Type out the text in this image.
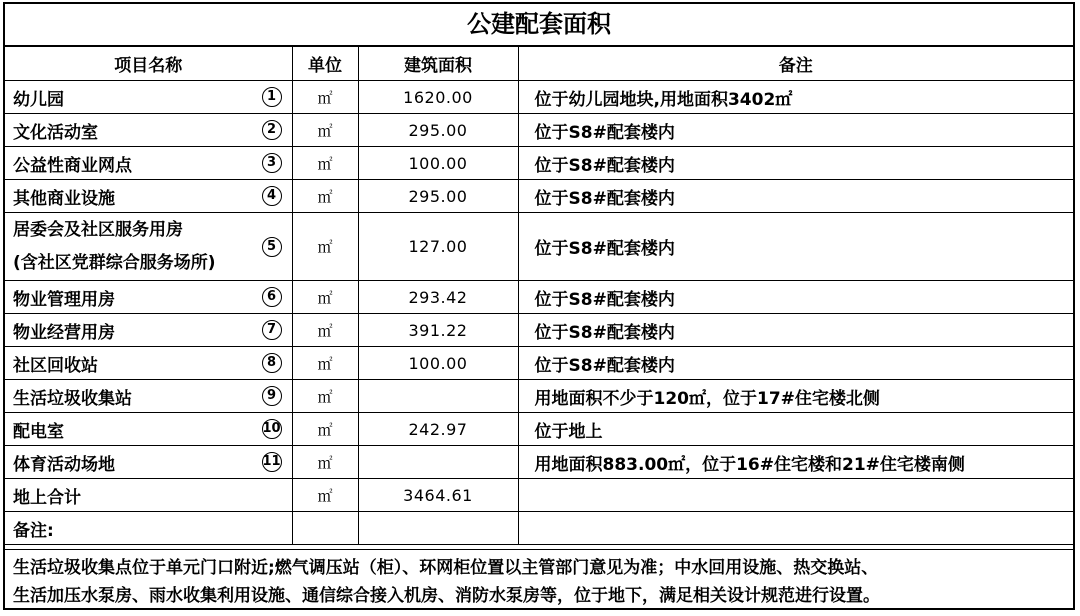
公建配套面积
项目名称	单位	建筑面积	备注
幼儿园 1	㎡	1620.00	位于幼儿园地块,用地面积3402㎡
文化活动室 2	㎡	295.00	位于S8#配套楼内
公益性商业网点 3	㎡	100.00	位于S8#配套楼内
其他商业设施 4	㎡	295.00	位于S8#配套楼内
居委会及社区服务用房
(含社区党群综合服务场所)
5	㎡	127.00	位于S8#配套楼内
物业管理用房 6	㎡	293.42	位于S8#配套楼内
物业经营用房 7	㎡	391.22	位于S8#配套楼内
社区回收站 8	㎡	100.00	位于S8#配套楼内
生活垃圾收集站 9	㎡		用地面积不少于120㎡，位于17#住宅楼北侧
配电室 10	㎡	242.97	位于地上
体育活动场地 11	㎡		用地面积883.00㎡，位于16#住宅楼和21#住宅楼南侧
地上合计	㎡	3464.61	
备注:			
生活垃圾收集点位于单元门口附近;燃气调压站（柜）、环网柜位置以主管部门意见为准；中水回用设施、热交换站、
生活加压水泵房、雨水收集利用设施、通信综合接入机房、消防水泵房等，位于地下，满足相关设计规范进行设置。
